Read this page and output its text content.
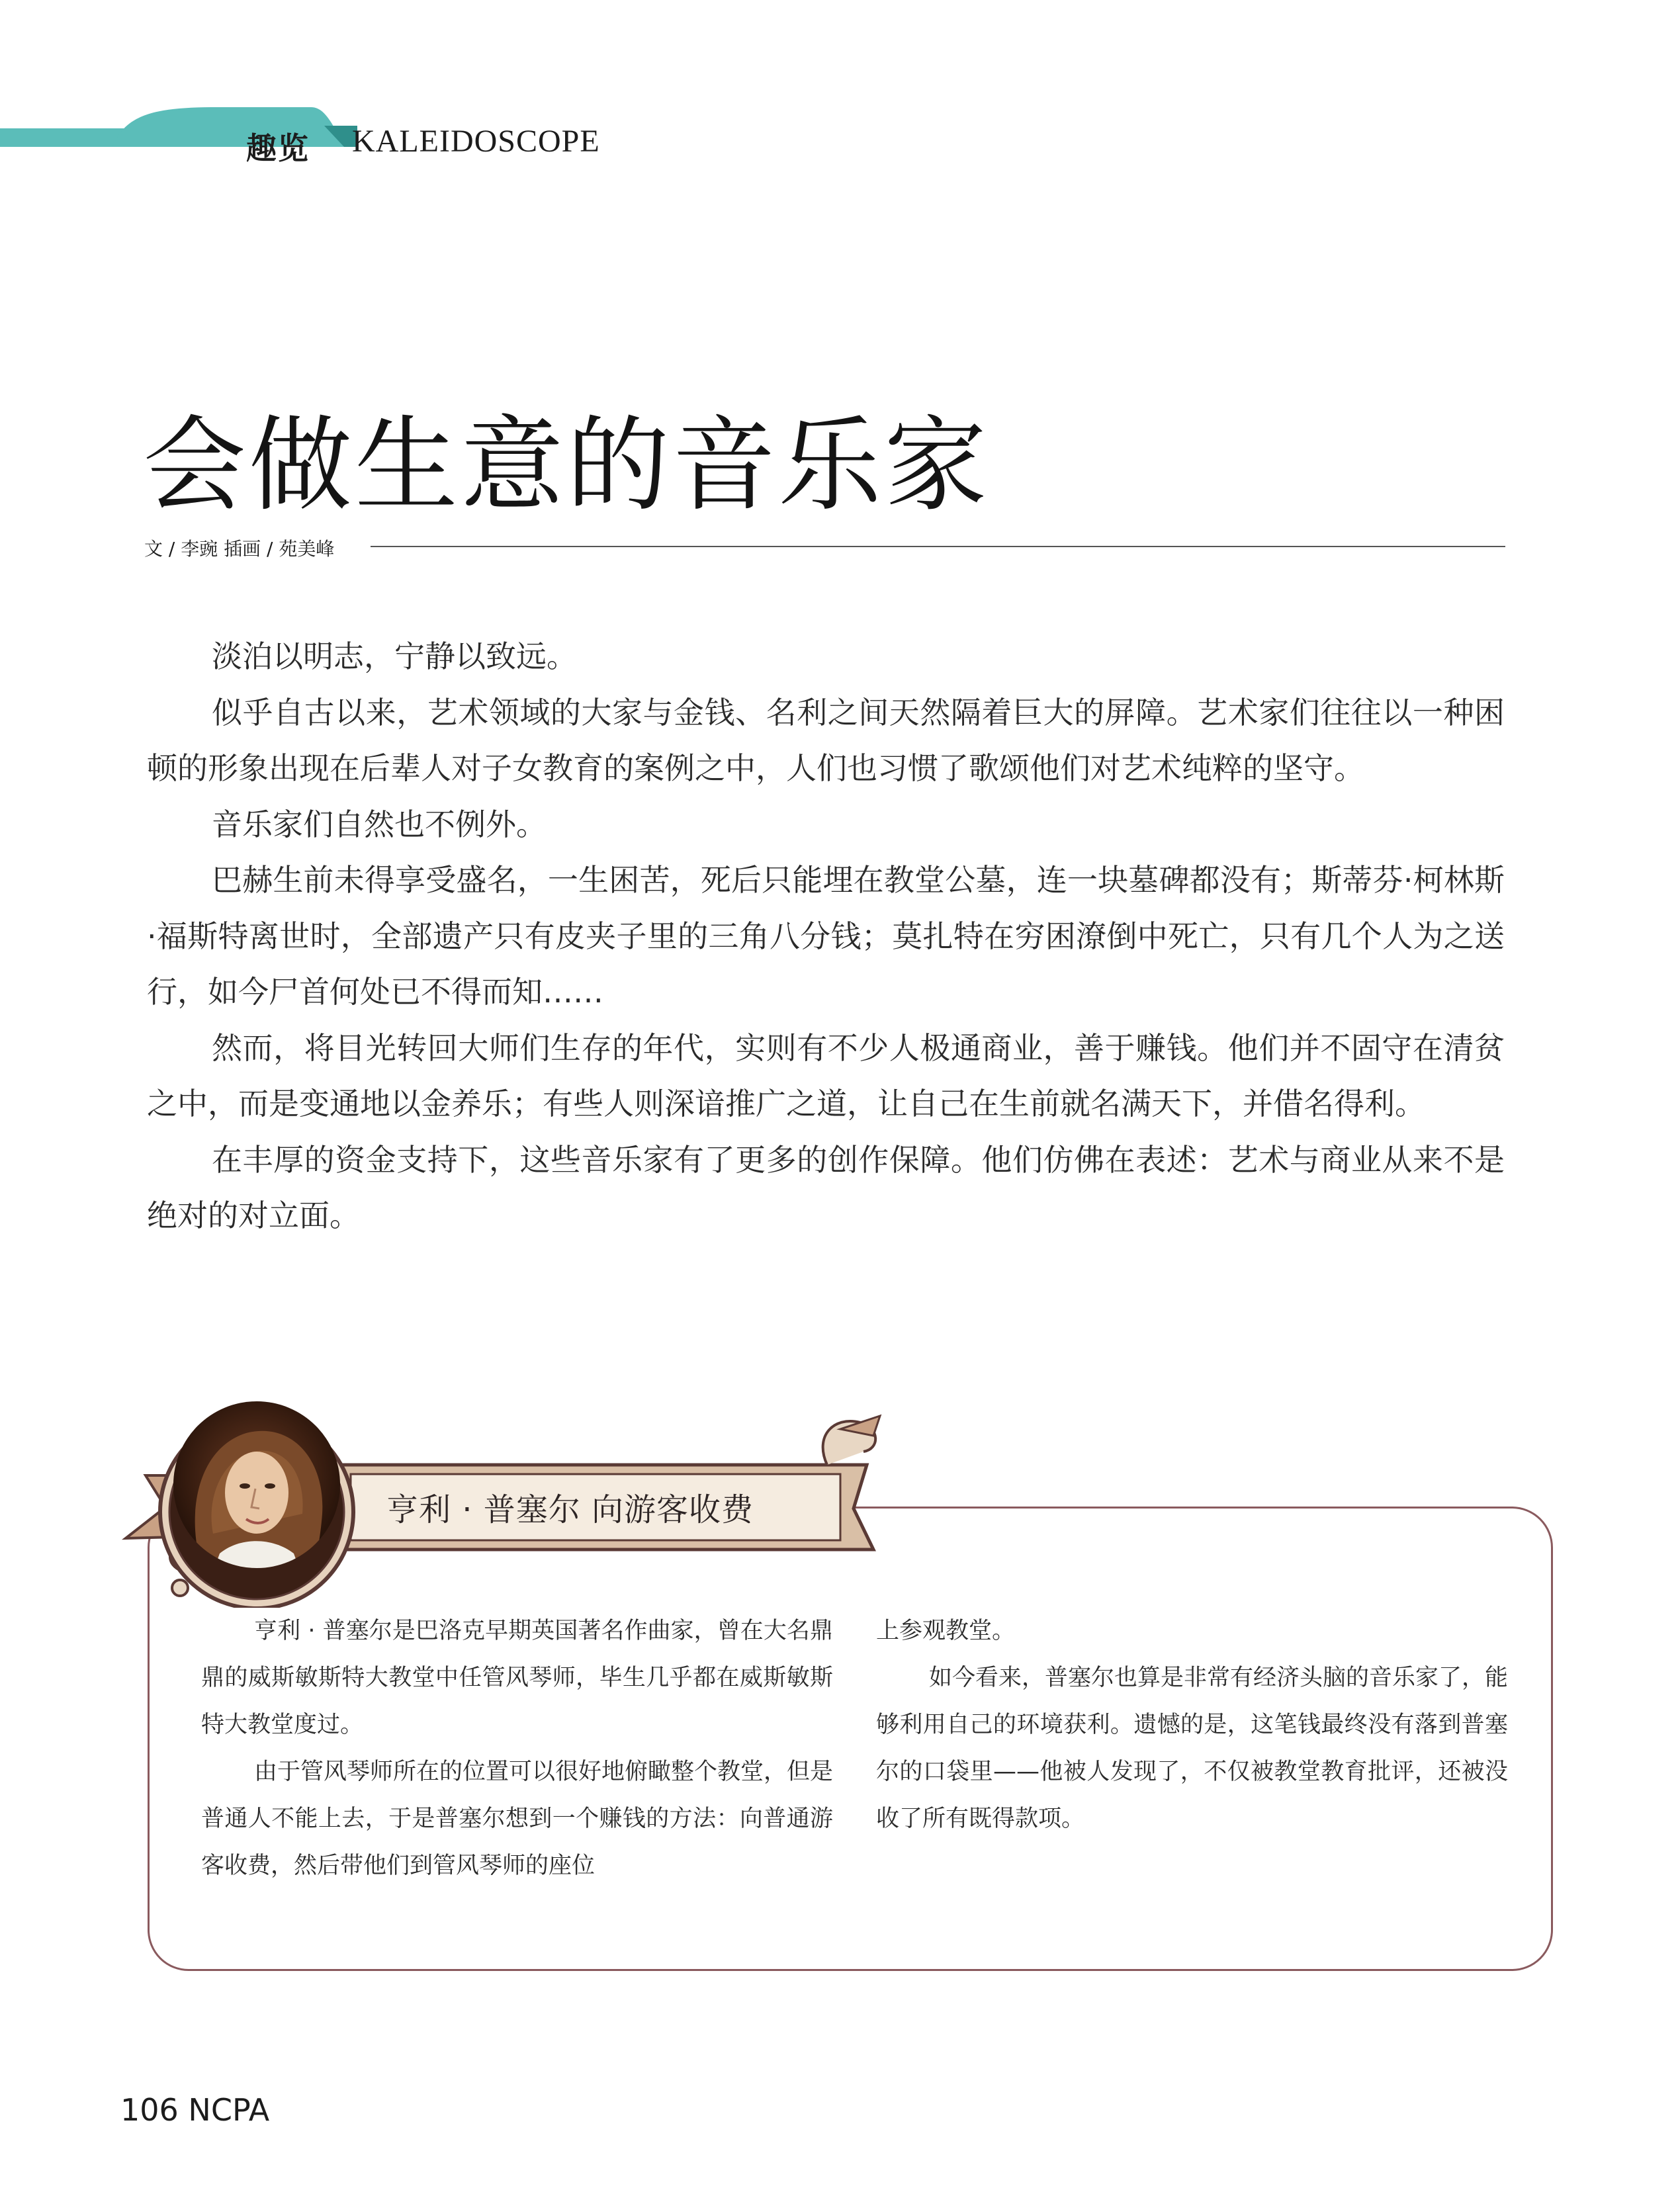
趣览 KALEIDOSCOPE
会做生意的音乐家
文 / 李豌 插画 / 苑美峰

淡泊以明志，宁静以致远。

似乎自古以来，艺术领域的大家与金钱、名利之间天然隔着巨大的屏障。艺术家们往往以一种困顿的形象出现在后辈人对子女教育的案例之中，人们也习惯了歌颂他们对艺术纯粹的坚守。

音乐家们自然也不例外。

巴赫生前未得享受盛名，一生困苦，死后只能埋在教堂公墓，连一块墓碑都没有；斯蒂芬·柯林斯·福斯特离世时，全部遗产只有皮夹子里的三角八分钱；莫扎特在穷困潦倒中死亡，只有几个人为之送行，如今尸首何处已不得而知……

然而，将目光转回大师们生存的年代，实则有不少人极通商业，善于赚钱。他们并不固守在清贫之中，而是变通地以金养乐；有些人则深谙推广之道，让自己在生前就名满天下，并借名得利。

在丰厚的资金支持下，这些音乐家有了更多的创作保障。他们仿佛在表述：艺术与商业从来不是绝对的对立面。

亨利 · 普塞尔 向游客收费

亨利 · 普塞尔是巴洛克早期英国著名作曲家，曾在大名鼎鼎的威斯敏斯特大教堂中任管风琴师，毕生几乎都在威斯敏斯特大教堂度过。

由于管风琴师所在的位置可以很好地俯瞰整个教堂，但是普通人不能上去，于是普塞尔想到一个赚钱的方法：向普通游客收费，然后带他们到管风琴师的座位

上参观教堂。

如今看来，普塞尔也算是非常有经济头脑的音乐家了，能够利用自己的环境获利。遗憾的是，这笔钱最终没有落到普塞尔的口袋里——他被人发现了，不仅被教堂教育批评，还被没收了所有既得款项。

106 NCPA
